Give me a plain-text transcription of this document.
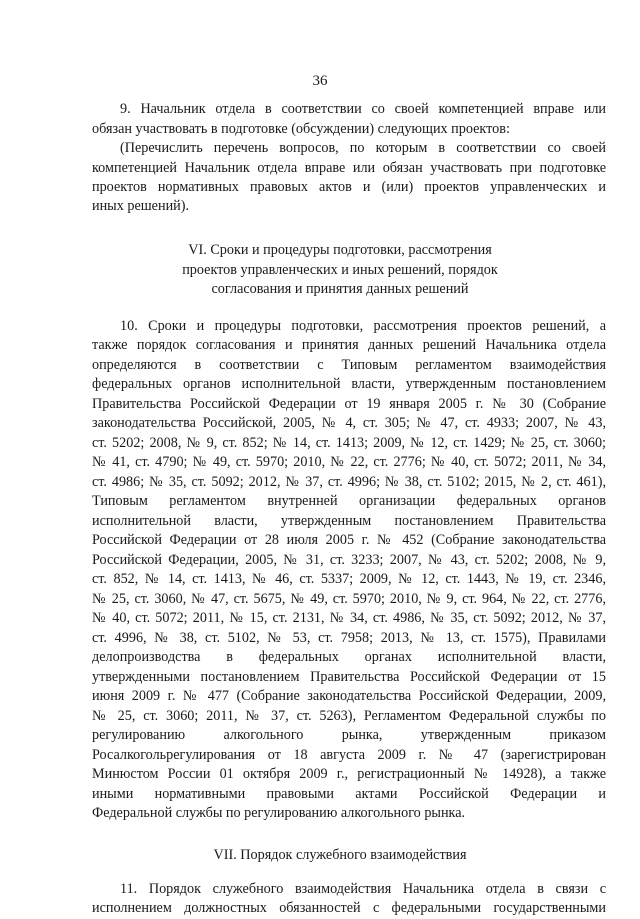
36
9. Начальник отдела в соответствии со своей компетенцией вправе или
обязан участвовать в подготовке (обсуждении) следующих проектов:
(Перечислить перечень вопросов, по которым в соответствии со своей
компетенцией Начальник отдела вправе или обязан участвовать при подготовке
проектов нормативных правовых актов и (или) проектов управленческих и
иных решений).
VI. Сроки и процедуры подготовки, рассмотрения
проектов управленческих и иных решений, порядок
согласования и принятия данных решений
10. Сроки и процедуры подготовки, рассмотрения проектов решений, а
также порядок согласования и принятия данных решений Начальника отдела
определяются в соответствии с Типовым регламентом взаимодействия
федеральных органов исполнительной власти, утвержденным постановлением
Правительства Российской Федерации от 19 января 2005 г. № 30 (Собрание
законодательства Российской, 2005, № 4, ст. 305; № 47, ст. 4933; 2007, № 43,
ст. 5202; 2008, № 9, ст. 852; № 14, ст. 1413; 2009, № 12, ст. 1429; № 25, ст. 3060;
№ 41, ст. 4790; № 49, ст. 5970; 2010, № 22, ст. 2776; № 40, ст. 5072; 2011, № 34,
ст. 4986; № 35, ст. 5092; 2012, № 37, ст. 4996; № 38, ст. 5102; 2015, № 2, ст. 461),
Типовым регламентом внутренней организации федеральных органов
исполнительной власти, утвержденным постановлением Правительства
Российской Федерации от 28 июля 2005 г. № 452 (Собрание законодательства
Российской Федерации, 2005, № 31, ст. 3233; 2007, № 43, ст. 5202; 2008, № 9,
ст. 852, № 14, ст. 1413, № 46, ст. 5337; 2009, № 12, ст. 1443, № 19, ст. 2346,
№ 25, ст. 3060, № 47, ст. 5675, № 49, ст. 5970; 2010, № 9, ст. 964, № 22, ст. 2776,
№ 40, ст. 5072; 2011, № 15, ст. 2131, № 34, ст. 4986, № 35, ст. 5092; 2012, № 37,
ст. 4996, № 38, ст. 5102, № 53, ст. 7958; 2013, № 13, ст. 1575), Правилами
делопроизводства в федеральных органах исполнительной власти,
утвержденными постановлением Правительства Российской Федерации от 15
июня 2009 г. № 477 (Собрание законодательства Российской Федерации, 2009,
№ 25, ст. 3060; 2011, № 37, ст. 5263), Регламентом Федеральной службы по
регулированию алкогольного рынка, утвержденным приказом
Росалкогольрегулирования от 18 августа 2009 г. № 47 (зарегистрирован
Минюстом России 01 октября 2009 г., регистрационный № 14928), а также
иными нормативными правовыми актами Российской Федерации и
Федеральной службы по регулированию алкогольного рынка.
VII. Порядок служебного взаимодействия
11. Порядок служебного взаимодействия Начальника отдела в связи с
исполнением должностных обязанностей с федеральными государственными
